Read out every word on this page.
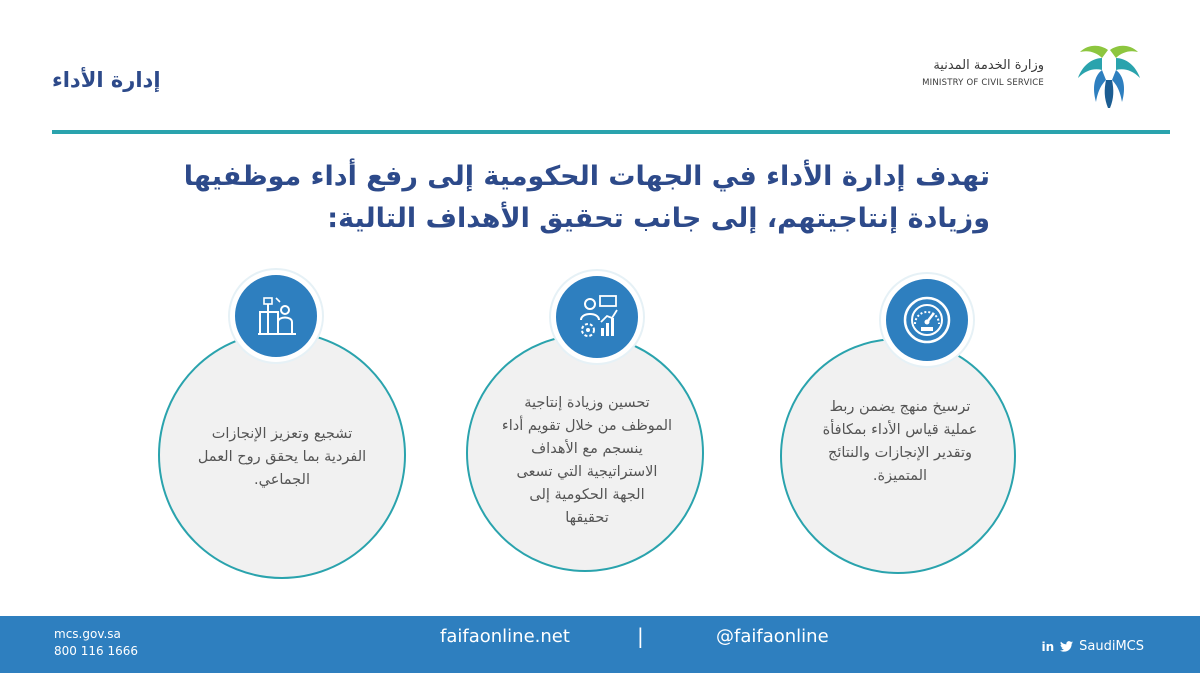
إدارة الأداء
وزارة الخدمة المدنية
MINISTRY OF CIVIL SERVICE
تهدف إدارة الأداء في الجهات الحكومية إلى رفع أداء موظفيها
وزيادة إنتاجيتهم، إلى جانب تحقيق الأهداف التالية:
ترسيخ منهج يضمن ربط
عملية قياس الأداء بمكافأة
وتقدير الإنجازات والنتائج
المتميزة.
تحسين وزيادة إنتاجية
الموظف من خلال تقويم أداء
ينسجم مع الأهداف
الاستراتيجية التي تسعى
الجهة الحكومية إلى
تحقيقها
تشجيع وتعزيز الإنجازات
الفردية بما يحقق روح العمل
الجماعي.
mcs.gov.sa
800 116 1666
faifaonline.net	|	@faifaonline	in SaudiMCS
